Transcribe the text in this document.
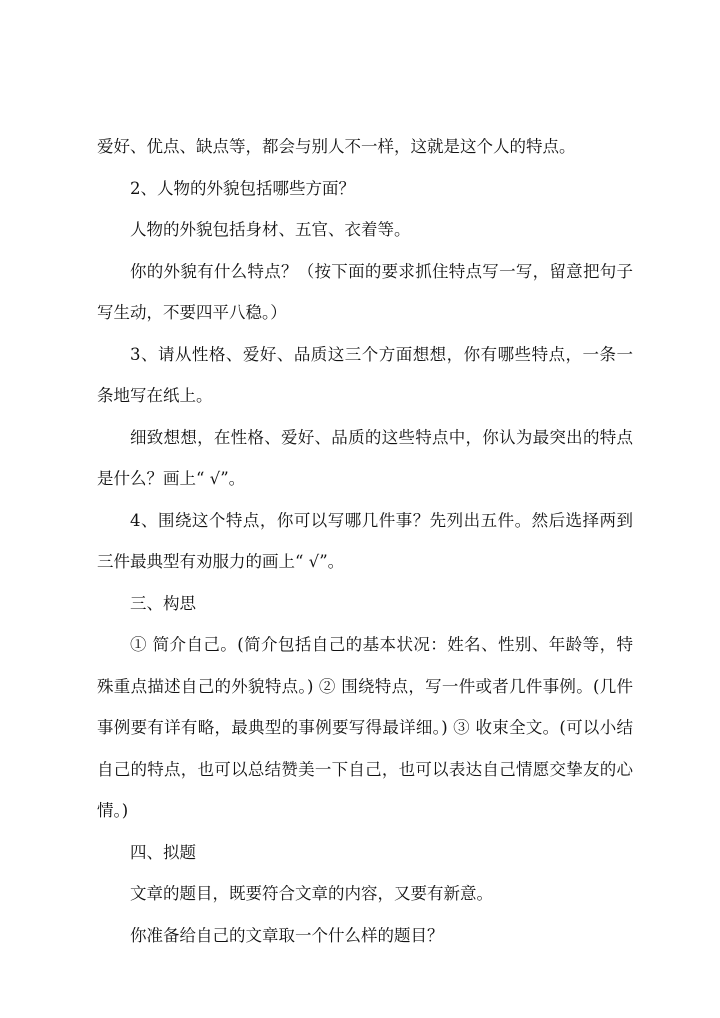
爱好、优点、缺点等，都会与别人不一样，这就是这个人的特点。

2、人物的外貌包括哪些方面？

人物的外貌包括身材、五官、衣着等。

你的外貌有什么特点？（按下面的要求抓住特点写一写，留意把句子写生动，不要四平八稳。）

3、请从性格、爱好、品质这三个方面想想，你有哪些特点，一条一条地写在纸上。

细致想想，在性格、爱好、品质的这些特点中，你认为最突出的特点是什么？画上“ √”。

4、围绕这个特点，你可以写哪几件事？先列出五件。然后选择两到三件最典型有劝服力的画上“ √”。

三、构思

① 简介自己。(简介包括自己的基本状况：姓名、性别、年龄等，特殊重点描述自己的外貌特点。) ② 围绕特点，写一件或者几件事例。(几件事例要有详有略，最典型的事例要写得最详细。) ③ 收束全文。(可以小结自己的特点，也可以总结赞美一下自己，也可以表达自己情愿交挚友的心情。)

四、拟题

文章的题目，既要符合文章的内容，又要有新意。

你准备给自己的文章取一个什么样的题目？
